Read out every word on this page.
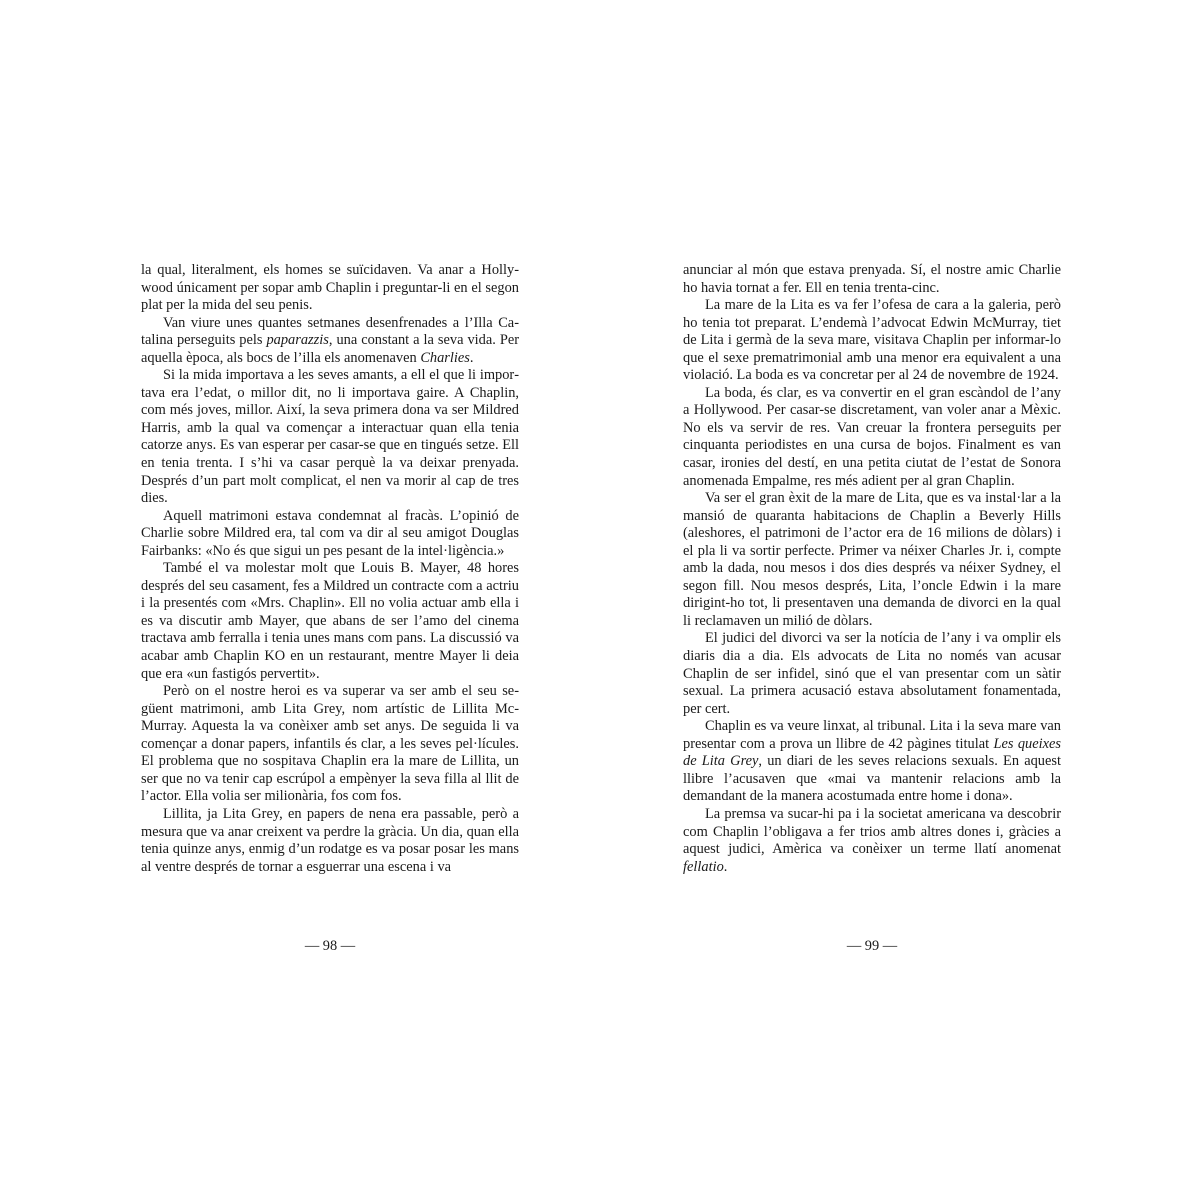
la qual, literalment, els homes se suïcidaven. Va anar a Hollywood únicament per sopar amb Chaplin i preguntar-li en el segon plat per la mida del seu penis.

Van viure unes quantes setmanes desenfrenades a l’Illa Catalina perseguits pels paparazzis, una constant a la seva vida. Per aquella època, als bocs de l’illa els anomenaven Charlies.

Si la mida importava a les seves amants, a ell el que li importava era l’edat, o millor dit, no li importava gaire. A Chaplin, com més joves, millor. Així, la seva primera dona va ser Mildred Harris, amb la qual va començar a interactuar quan ella tenia catorze anys. Es van esperar per casar-se que en tingués setze. Ell en tenia trenta. I s’hi va casar perquè la va deixar prenyada. Després d’un part molt complicat, el nen va morir al cap de tres dies.

Aquell matrimoni estava condemnat al fracàs. L’opinió de Charlie sobre Mildred era, tal com va dir al seu amigot Douglas Fairbanks: «No és que sigui un pes pesant de la intel·ligència.»

També el va molestar molt que Louis B. Mayer, 48 hores després del seu casament, fes a Mildred un contracte com a actriu i la presentés com «Mrs. Chaplin». Ell no volia actuar amb ella i es va discutir amb Mayer, que abans de ser l’amo del cinema tractava amb ferralla i tenia unes mans com pans. La discussió va acabar amb Chaplin KO en un restaurant, mentre Mayer li deia que era «un fastigós pervertit».

Però on el nostre heroi es va superar va ser amb el seu següent matrimoni, amb Lita Grey, nom artístic de Lillita McMurray. Aquesta la va conèixer amb set anys. De seguida li va començar a donar papers, infantils és clar, a les seves pel·lícules. El problema que no sospitava Chaplin era la mare de Lillita, un ser que no va tenir cap escrúpol a empènyer la seva filla al llit de l’actor. Ella volia ser milionària, fos com fos.

Lillita, ja Lita Grey, en papers de nena era passable, però a mesura que va anar creixent va perdre la gràcia. Un dia, quan ella tenia quinze anys, enmig d’un rodatge es va posar posar les mans al ventre després de tornar a esguerrar una escena i va

— 98 —

anunciar al món que estava prenyada. Sí, el nostre amic Charlie ho havia tornat a fer. Ell en tenia trenta-cinc.

La mare de la Lita es va fer l’ofesa de cara a la galeria, però ho tenia tot preparat. L’endemà l’advocat Edwin McMurray, tiet de Lita i germà de la seva mare, visitava Chaplin per informar-lo que el sexe prematrimonial amb una menor era equivalent a una violació. La boda es va concretar per al 24 de novembre de 1924.

La boda, és clar, es va convertir en el gran escàndol de l’any a Hollywood. Per casar-se discretament, van voler anar a Mèxic. No els va servir de res. Van creuar la frontera perseguits per cinquanta periodistes en una cursa de bojos. Finalment es van casar, ironies del destí, en una petita ciutat de l’estat de Sonora anomenada Empalme, res més adient per al gran Chaplin.

Va ser el gran èxit de la mare de Lita, que es va instal·lar a la mansió de quaranta habitacions de Chaplin a Beverly Hills (aleshores, el patrimoni de l’actor era de 16 milions de dòlars) i el pla li va sortir perfecte. Primer va néixer Charles Jr. i, compte amb la dada, nou mesos i dos dies després va néixer Sydney, el segon fill. Nou mesos després, Lita, l’oncle Edwin i la mare dirigint-ho tot, li presentaven una demanda de divorci en la qual li reclamaven un milió de dòlars.

El judici del divorci va ser la notícia de l’any i va omplir els diaris dia a dia. Els advocats de Lita no només van acusar Chaplin de ser infidel, sinó que el van presentar com un sàtir sexual. La primera acusació estava absolutament fonamentada, per cert.

Chaplin es va veure linxat, al tribunal. Lita i la seva mare van presentar com a prova un llibre de 42 pàgines titulat Les queixes de Lita Grey, un diari de les seves relacions sexuals. En aquest llibre l’acusaven que «mai va mantenir relacions amb la demandant de la manera acostumada entre home i dona».

La premsa va sucar-hi pa i la societat americana va descobrir com Chaplin l’obligava a fer trios amb altres dones i, gràcies a aquest judici, Amèrica va conèixer un terme llatí anomenat fellatio.

— 99 —
